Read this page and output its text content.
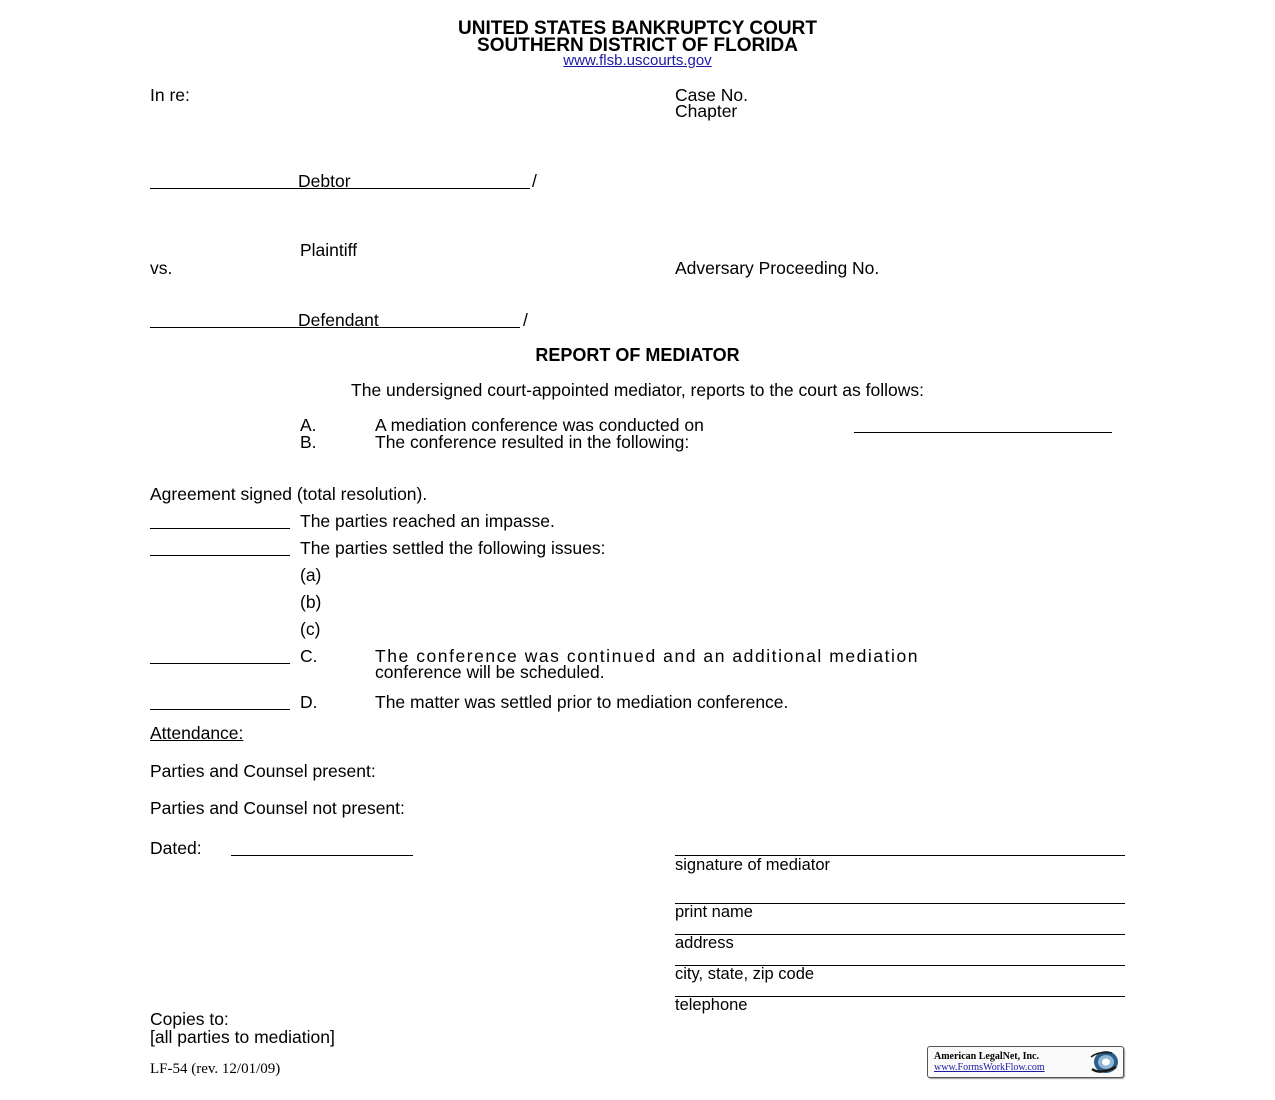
UNITED STATES BANKRUPTCY COURT
SOUTHERN DISTRICT OF FLORIDA
www.flsb.uscourts.gov
In re:	Case No.
Chapter
Debtor	/
Plaintiff
vs.	Adversary Proceeding No.
Defendant	/
REPORT OF MEDIATOR
The undersigned court-appointed mediator, reports to the court as follows:
A.	A mediation conference was conducted on
B.	The conference resulted in the following:
Agreement signed (total resolution).
The parties reached an impasse.
The parties settled the following issues:
(a)
(b)
(c)
C.	The conference was continued and an additional mediation
conference will be scheduled.
D.	The matter was settled prior to mediation conference.
Attendance:
Parties and Counsel present:
Parties and Counsel not present:
Dated:
signature of mediator
print name
address
city, state, zip code
telephone
Copies to:
[all parties to mediation]
LF-54 (rev. 12/01/09)
American LegalNet, Inc.
www.FormsWorkFlow.com
